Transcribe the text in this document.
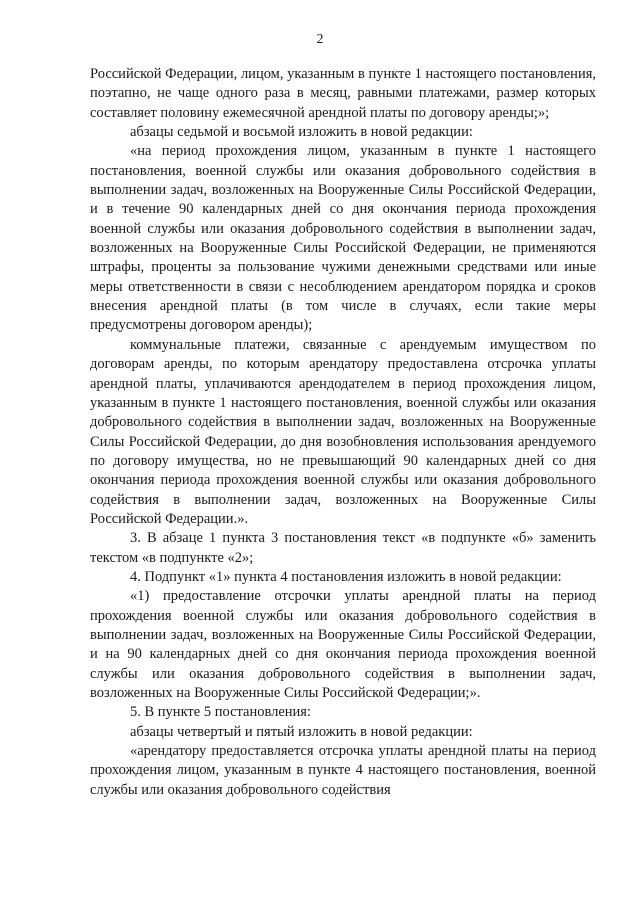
2

Российской Федерации, лицом, указанным в пункте 1 настоящего постановления, поэтапно, не чаще одного раза в месяц, равными платежами, размер которых составляет половину ежемесячной арендной платы по договору аренды;»;

абзацы седьмой и восьмой изложить в новой редакции:

«на период прохождения лицом, указанным в пункте 1 настоящего постановления, военной службы или оказания добровольного содействия в выполнении задач, возложенных на Вооруженные Силы Российской Федерации, и в течение 90 календарных дней со дня окончания периода прохождения военной службы или оказания добровольного содействия в выполнении задач, возложенных на Вооруженные Силы Российской Федерации, не применяются штрафы, проценты за пользование чужими денежными средствами или иные меры ответственности в связи с несоблюдением арендатором порядка и сроков внесения арендной платы (в том числе в случаях, если такие меры предусмотрены договором аренды);

коммунальные платежи, связанные с арендуемым имуществом по договорам аренды, по которым арендатору предоставлена отсрочка уплаты арендной платы, уплачиваются арендодателем в период прохождения лицом, указанным в пункте 1 настоящего постановления, военной службы или оказания добровольного содействия в выполнении задач, возложенных на Вооруженные Силы Российской Федерации, до дня возобновления использования арендуемого по договору имущества, но не превышающий 90 календарных дней со дня окончания периода прохождения военной службы или оказания добровольного содействия в выполнении задач, возложенных на Вооруженные Силы Российской Федерации.».

3. В абзаце 1 пункта 3 постановления текст «в подпункте «б» заменить текстом «в подпункте «2»;

4. Подпункт «1» пункта 4 постановления изложить в новой редакции:

«1) предоставление отсрочки уплаты арендной платы на период прохождения военной службы или оказания добровольного содействия в выполнении задач, возложенных на Вооруженные Силы Российской Федерации, и на 90 календарных дней со дня окончания периода прохождения военной службы или оказания добровольного содействия в выполнении задач, возложенных на Вооруженные Силы Российской Федерации;».

5. В пункте 5 постановления:

абзацы четвертый и пятый изложить в новой редакции:

«арендатору предоставляется отсрочка уплаты арендной платы на период прохождения лицом, указанным в пункте 4 настоящего постановления, военной службы или оказания добровольного содействия
